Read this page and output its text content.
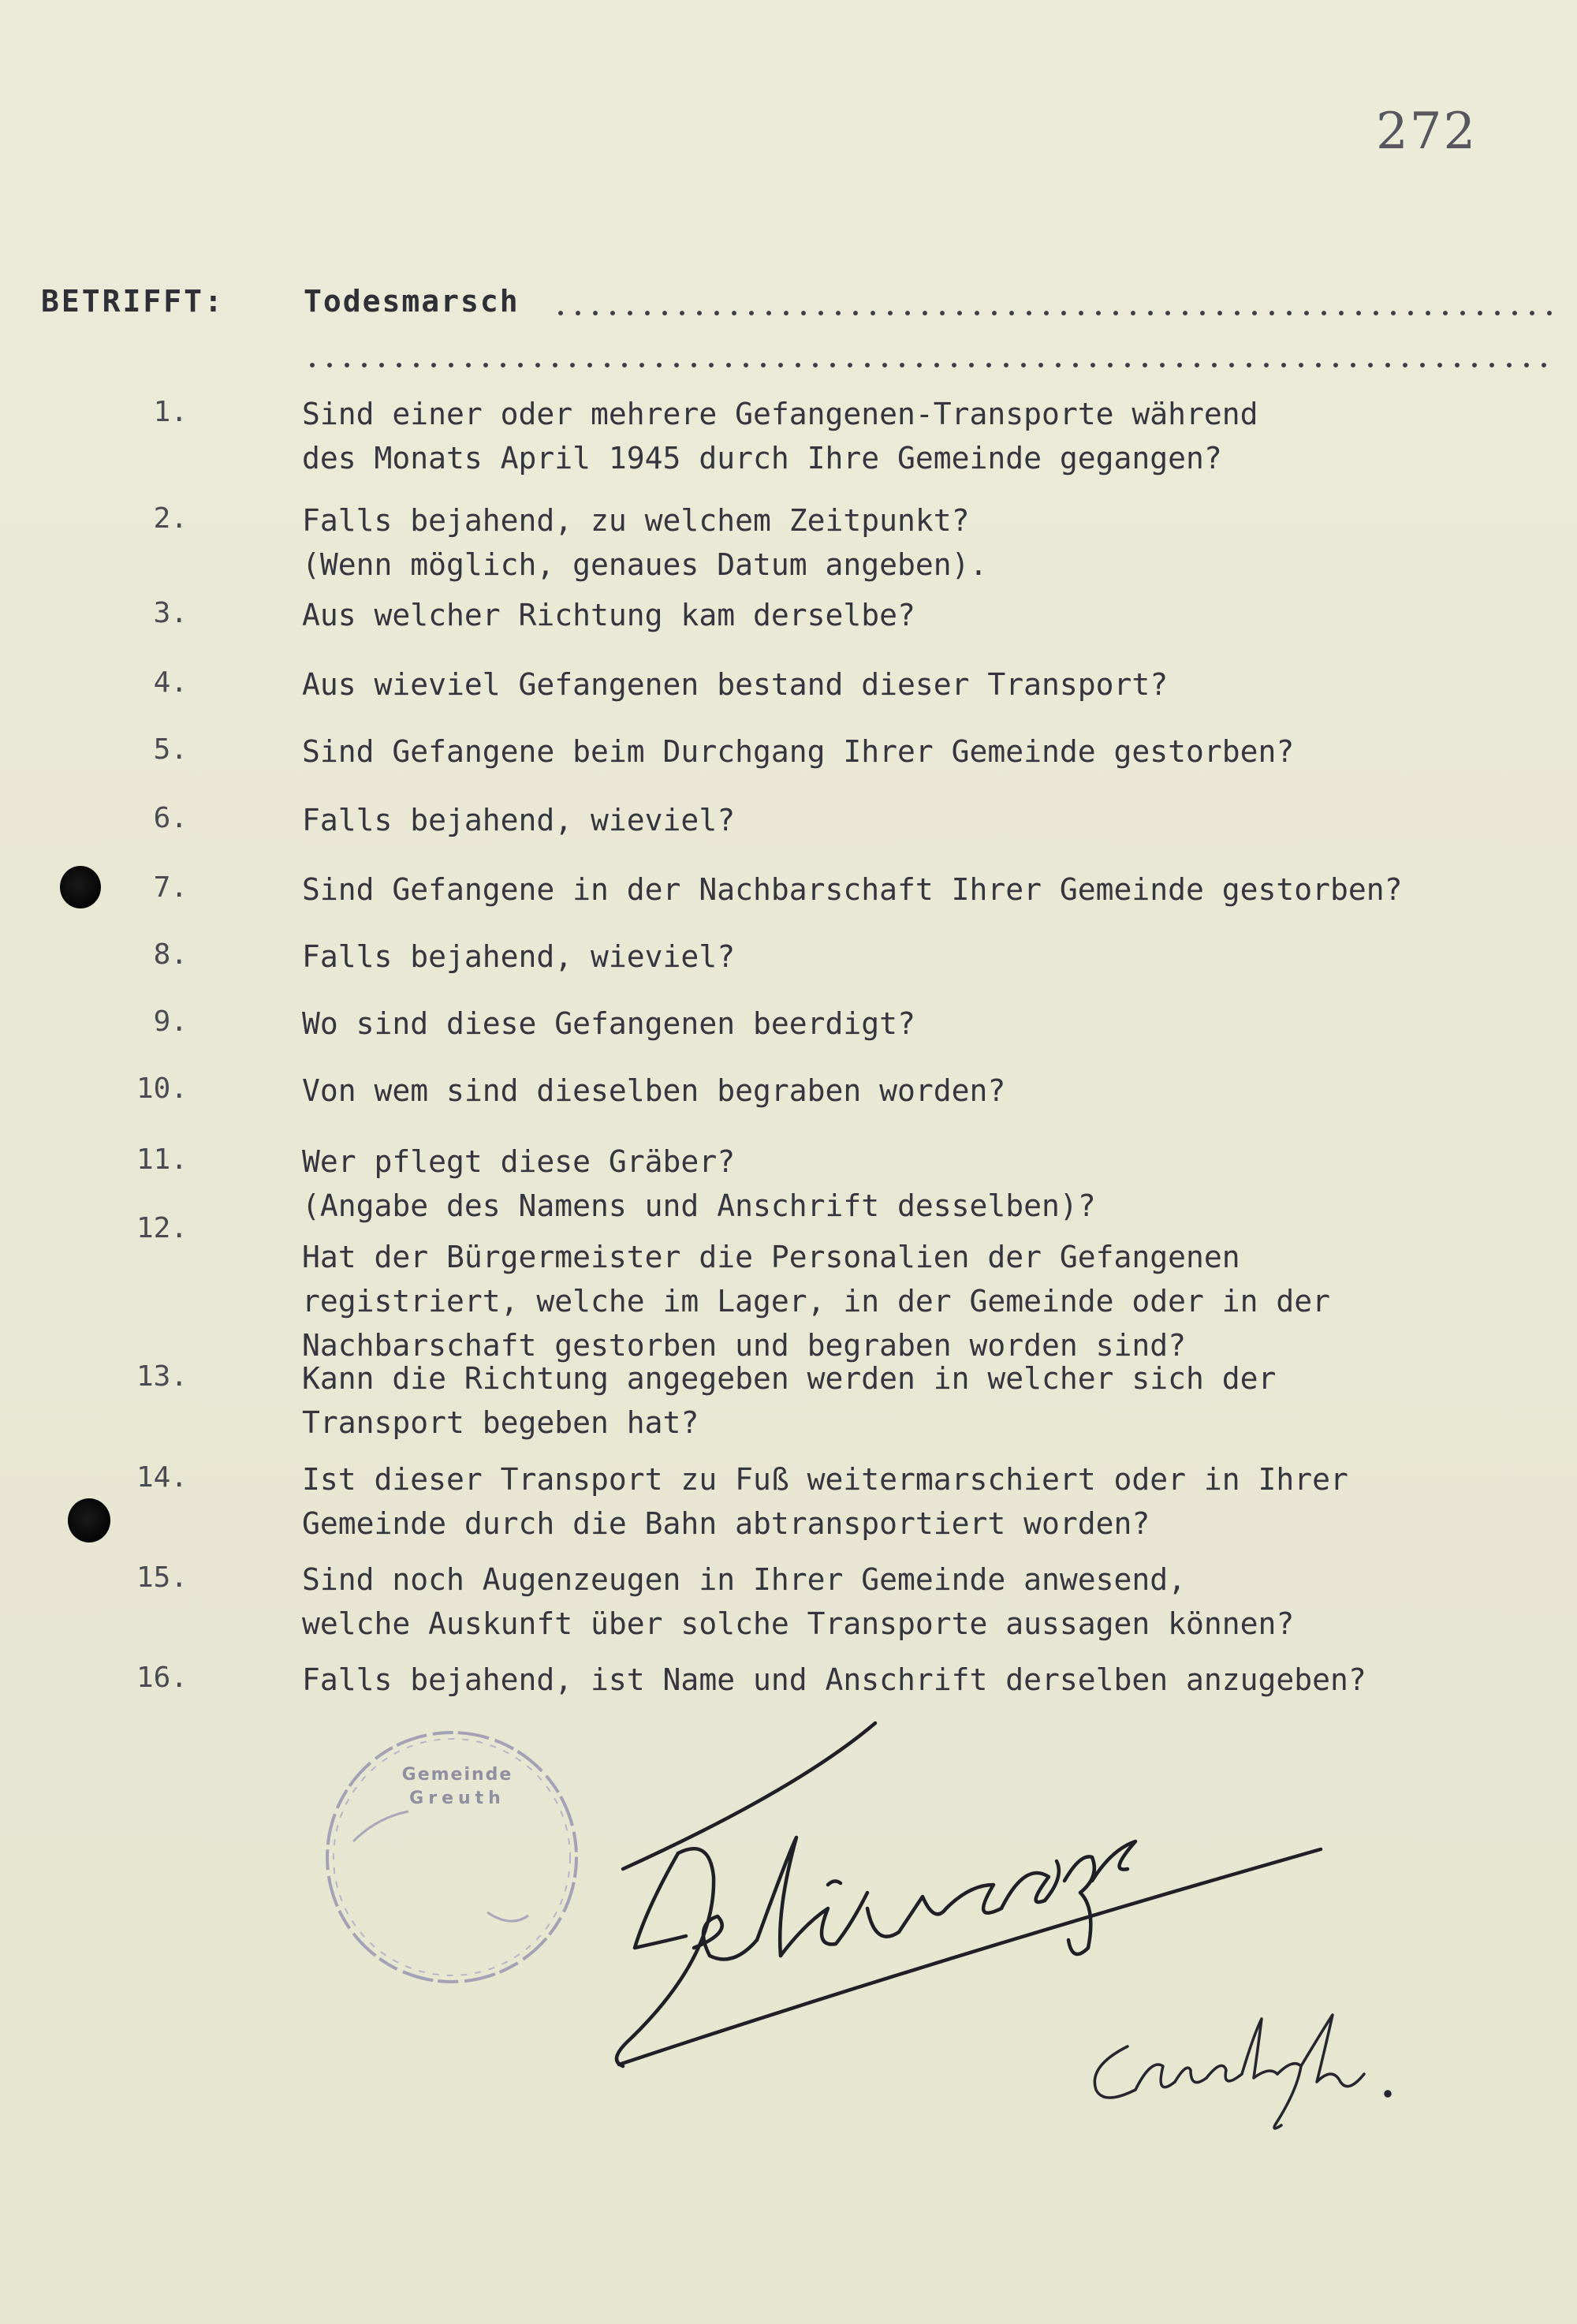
272
BETRIFFT:	Todesmarsch
1.	Sind einer oder mehrere Gefangenen-Transporte während
des Monats April 1945 durch Ihre Gemeinde gegangen?
2.	Falls bejahend, zu welchem Zeitpunkt?
(Wenn möglich, genaues Datum angeben).
3.	Aus welcher Richtung kam derselbe?
4.	Aus wieviel Gefangenen bestand dieser Transport?
5.	Sind Gefangene beim Durchgang Ihrer Gemeinde gestorben?
6.	Falls bejahend, wieviel?
7.	Sind Gefangene in der Nachbarschaft Ihrer Gemeinde gestorben?
8.	Falls bejahend, wieviel?
9.	Wo sind diese Gefangenen beerdigt?
10.	Von wem sind dieselben begraben worden?
11.	Wer pflegt diese Gräber?
(Angabe des Namens und Anschrift desselben)?
12.
Hat der Bürgermeister die Personalien der Gefangenen
registriert, welche im Lager, in der Gemeinde oder in der
Nachbarschaft gestorben und begraben worden sind?
13.	Kann die Richtung angegeben werden in welcher sich der
Transport begeben hat?
14.	Ist dieser Transport zu Fuß weitermarschiert oder in Ihrer
Gemeinde durch die Bahn abtransportiert worden?
15.	Sind noch Augenzeugen in Ihrer Gemeinde anwesend,
welche Auskunft über solche Transporte aussagen können?
16.	Falls bejahend, ist Name und Anschrift derselben anzugeben?
Gemeinde
Greuth
